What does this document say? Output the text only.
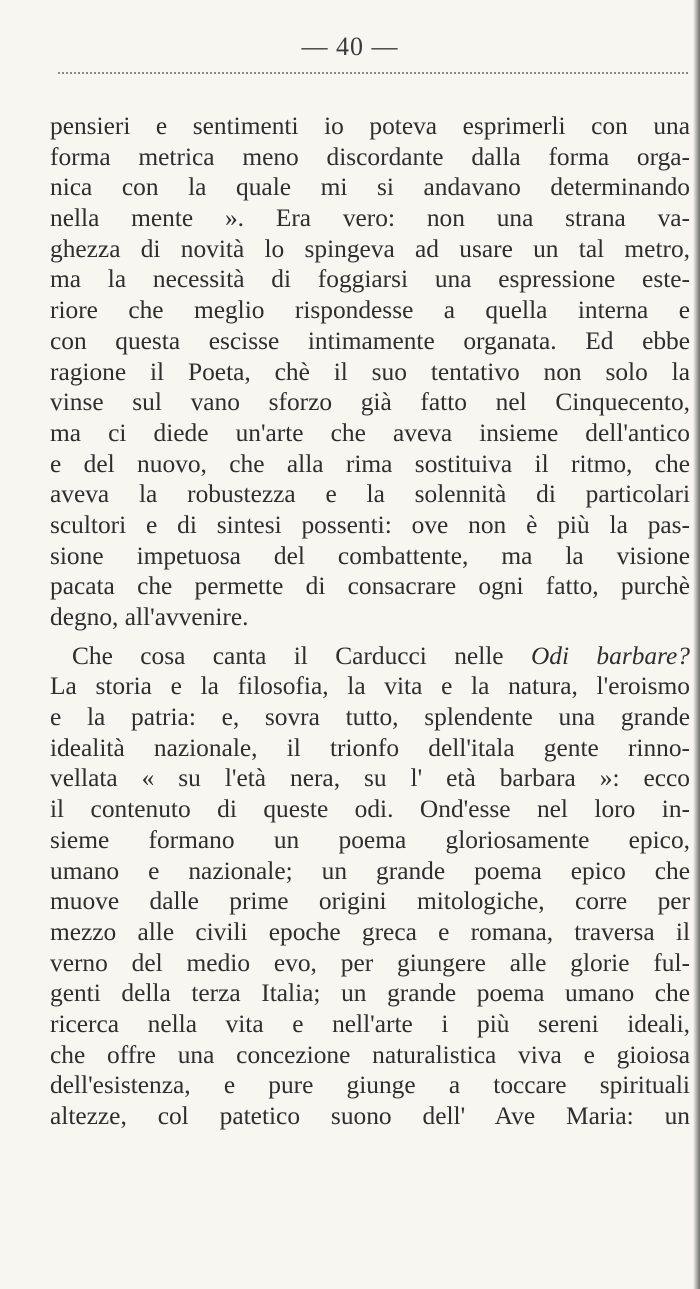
— 40 —
pensieri e sentimenti io poteva esprimerli con una
forma metrica meno discordante dalla forma orga-
nica con la quale mi si andavano determinando
nella mente ». Era vero: non una strana va-
ghezza di novità lo spingeva ad usare un tal metro,
ma la necessità di foggiarsi una espressione este-
riore che meglio rispondesse a quella interna e
con questa escisse intimamente organata. Ed ebbe
ragione il Poeta, chè il suo tentativo non solo la
vinse sul vano sforzo già fatto nel Cinquecento,
ma ci diede un'arte che aveva insieme dell'antico
e del nuovo, che alla rima sostituiva il ritmo, che
aveva la robustezza e la solennità di particolari
scultori e di sintesi possenti: ove non è più la pas-
sione impetuosa del combattente, ma la visione
pacata che permette di consacrare ogni fatto, purchè
degno, all'avvenire.
Che cosa canta il Carducci nelle Odi barbare?
La storia e la filosofia, la vita e la natura, l'eroismo
e la patria: e, sovra tutto, splendente una grande
idealità nazionale, il trionfo dell'itala gente rinno-
vellata « su l'età nera, su l' età barbara »: ecco
il contenuto di queste odi. Ond'esse nel loro in-
sieme formano un poema gloriosamente epico,
umano e nazionale; un grande poema epico che
muove dalle prime origini mitologiche, corre per
mezzo alle civili epoche greca e romana, traversa il
verno del medio evo, per giungere alle glorie ful-
genti della terza Italia; un grande poema umano che
ricerca nella vita e nell'arte i più sereni ideali,
che offre una concezione naturalistica viva e gioiosa
dell'esistenza, e pure giunge a toccare spirituali
altezze, col patetico suono dell' Ave Maria: un
